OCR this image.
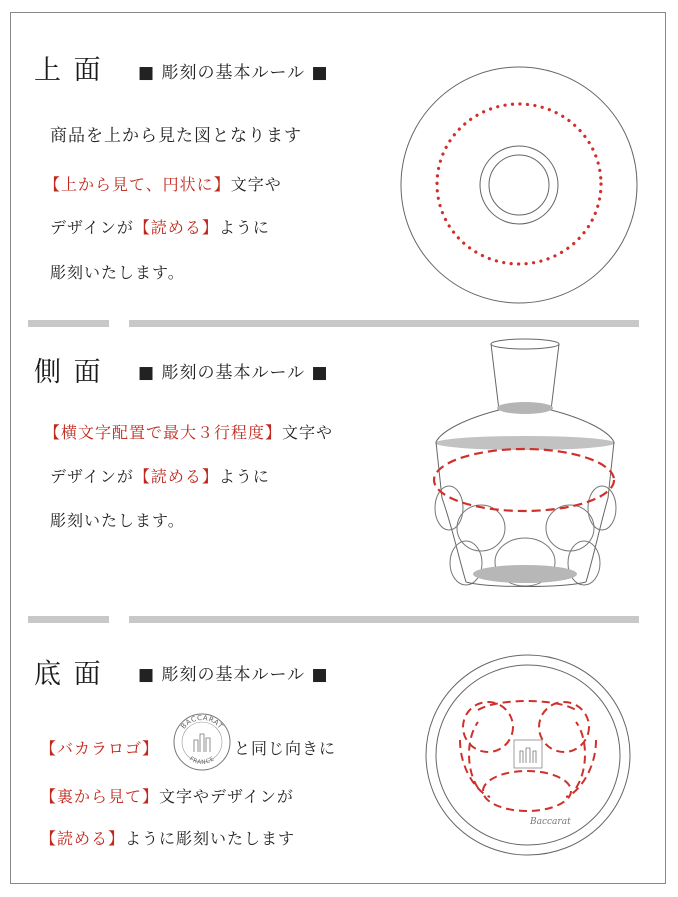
上 面 ■ 彫刻の基本ルール ■
商品を上から見た図となります
【上から見て、円状に】文字や
デザインが【読める】ように
彫刻いたします。
側 面 ■ 彫刻の基本ルール ■
【横文字配置で最大３行程度】文字や
デザインが【読める】ように
彫刻いたします。
底 面 ■ 彫刻の基本ルール ■
【バカラロゴ】
BACCARAT
FRANCE
と同じ向きに
【裏から見て】文字やデザインが
【読める】ように彫刻いたします
Baccarat
